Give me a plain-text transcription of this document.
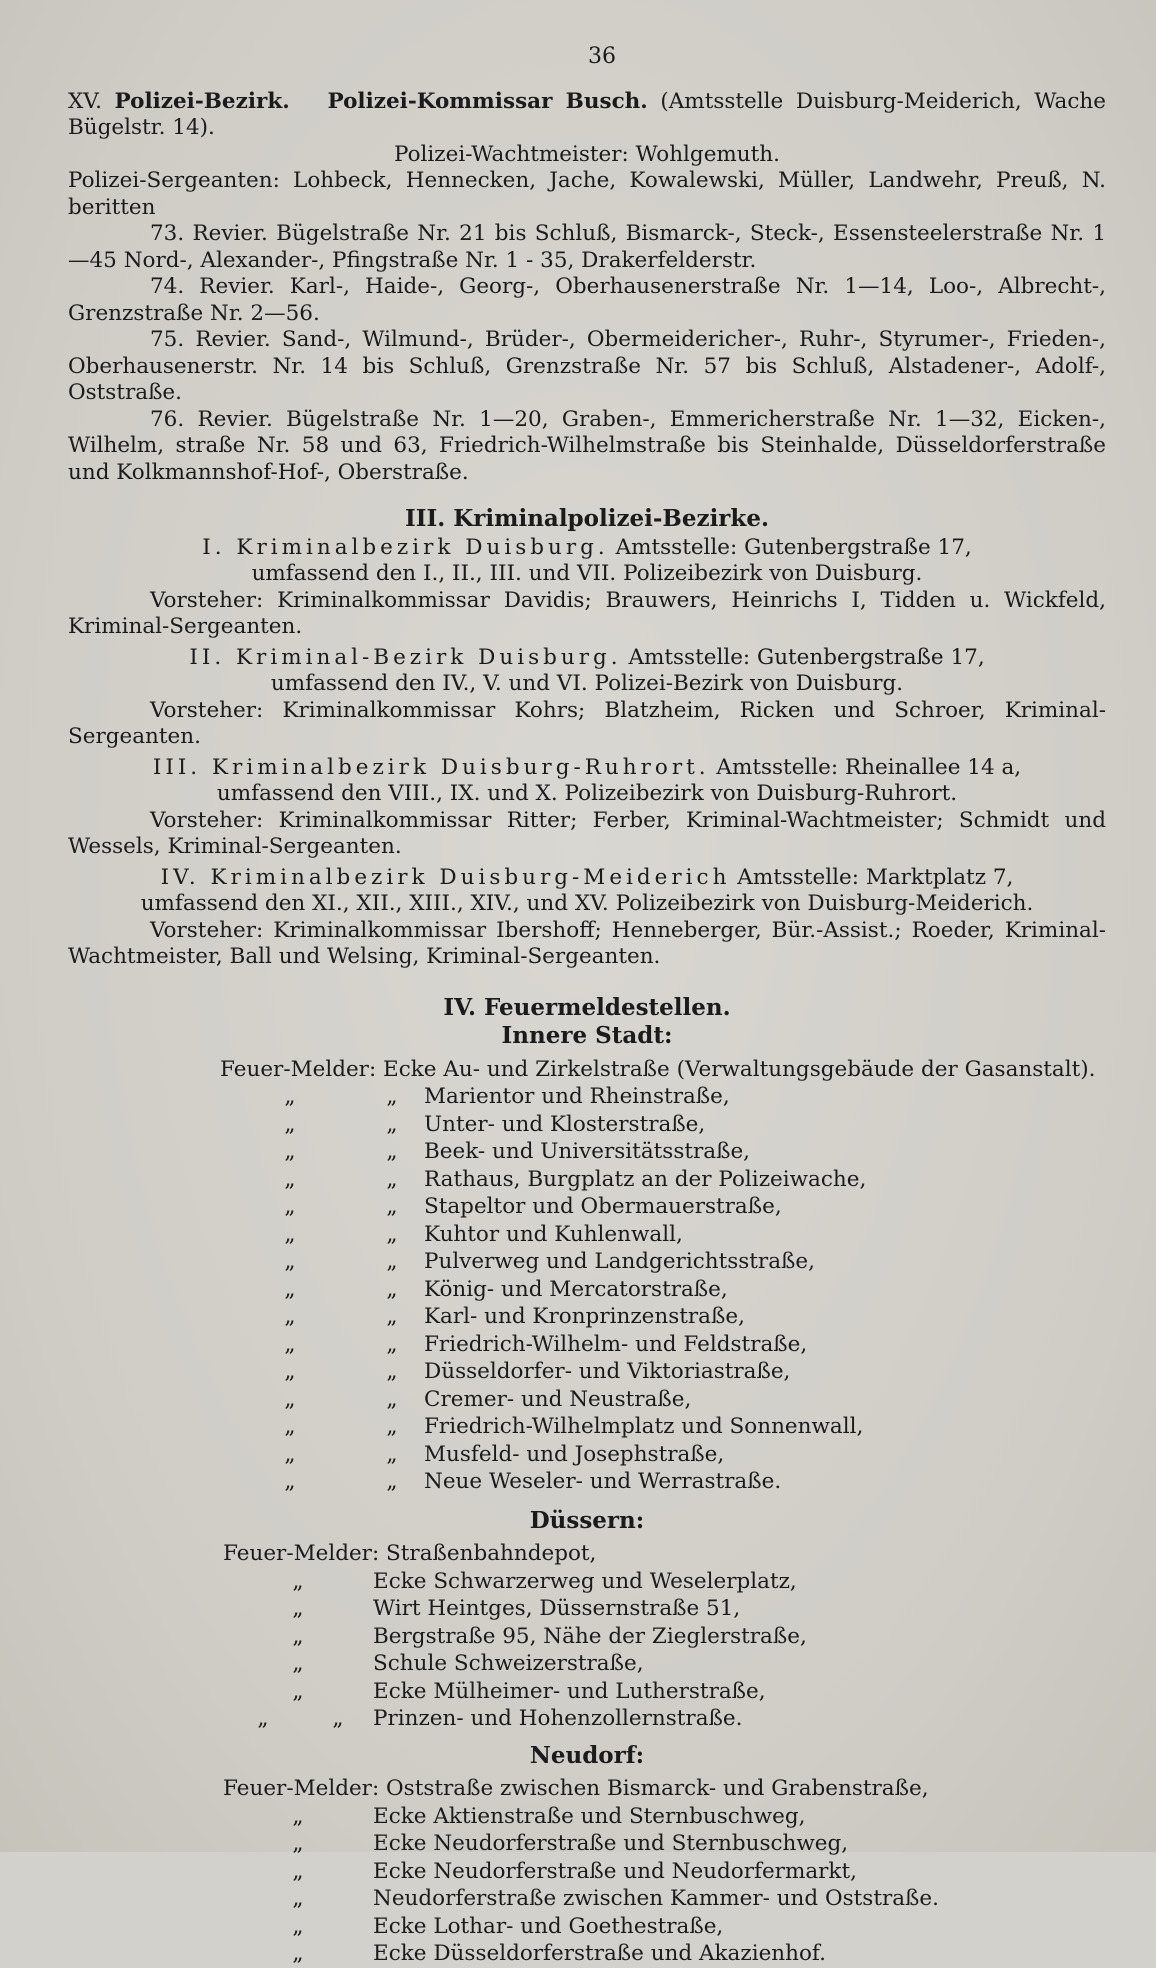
36

XV. Polizei-Bezirk. Polizei-Kommissar Busch. (Amtsstelle Duisburg-Meiderich, Wache Bügelstr. 14).

Polizei-Wachtmeister: Wohlgemuth.

Polizei-Sergeanten: Lohbeck, Hennecken, Jache, Kowalewski, Müller, Landwehr, Preuß, N. beritten

73. Revier. Bügelstraße Nr. 21 bis Schluß, Bismarck-, Steck-, Essensteelerstraße Nr. 1—45 Nord-, Alexander-, Pfingstraße Nr. 1 - 35, Drakerfelderstr.

74. Revier. Karl-, Haide-, Georg-, Oberhausenerstraße Nr. 1—14, Loo-, Albrecht-, Grenzstraße Nr. 2—56.

75. Revier. Sand-, Wilmund-, Brüder-, Obermeidericher-, Ruhr-, Styrumer-, Frieden-, Oberhausenerstr. Nr. 14 bis Schluß, Grenzstraße Nr. 57 bis Schluß, Alstadener-, Adolf-, Oststraße.

76. Revier. Bügelstraße Nr. 1—20, Graben-, Emmericherstraße Nr. 1—32, Eicken-, Wilhelm, straße Nr. 58 und 63, Friedrich-Wilhelmstraße bis Steinhalde, Düsseldorferstraße und Kolkmannshof-Hof-, Oberstraße.

III. Kriminalpolizei-Bezirke.

I. Kriminalbezirk Duisburg. Amtsstelle: Gutenbergstraße 17,

umfassend den I., II., III. und VII. Polizeibezirk von Duisburg.

Vorsteher: Kriminalkommissar Davidis; Brauwers, Heinrichs I, Tidden u. Wickfeld, Kriminal-Sergeanten.

II. Kriminal-Bezirk Duisburg. Amtsstelle: Gutenbergstraße 17,

umfassend den IV., V. und VI. Polizei-Bezirk von Duisburg.

Vorsteher: Kriminalkommissar Kohrs; Blatzheim, Ricken und Schroer, Kriminal-Sergeanten.

III. Kriminalbezirk Duisburg-Ruhrort. Amtsstelle: Rheinallee 14 a,

umfassend den VIII., IX. und X. Polizeibezirk von Duisburg-Ruhrort.

Vorsteher: Kriminalkommissar Ritter; Ferber, Kriminal-Wachtmeister; Schmidt und Wessels, Kriminal-Sergeanten.

IV. Kriminalbezirk Duisburg-Meiderich Amtsstelle: Marktplatz 7,

umfassend den XI., XII., XIII., XIV., und XV. Polizeibezirk von Duisburg-Meiderich.

Vorsteher: Kriminalkommissar Ibershoff; Henneberger, Bür.-Assist.; Roeder, Kriminal-Wachtmeister, Ball und Welsing, Kriminal-Sergeanten.

IV. Feuermeldestellen.
Innere Stadt:
Feuer-Melder:
Ecke
Au- und Zirkelstraße (Verwaltungsgebäude der Gasanstalt).
„	„	Marientor und Rheinstraße,
„	„	Unter- und Klosterstraße,
„	„	Beek- und Universitätsstraße,
„	„	Rathaus, Burgplatz an der Polizeiwache,
„	„	Stapeltor und Obermauerstraße,
„	„	Kuhtor und Kuhlenwall,
„	„	Pulverweg und Landgerichtsstraße,
„	„	König- und Mercatorstraße,
„	„	Karl- und Kronprinzenstraße,
„	„	Friedrich-Wilhelm- und Feldstraße,
„	„	Düsseldorfer- und Viktoriastraße,
„	„	Cremer- und Neustraße,
„	„	Friedrich-Wilhelmplatz und Sonnenwall,
„	„	Musfeld- und Josephstraße,
„	„	Neue Weseler- und Werrastraße.
Düssern:
Feuer-Melder:
Straßenbahndepot,
„	Ecke Schwarzerweg und Weselerplatz,
„	Wirt Heintges, Düssernstraße 51,
„	Bergstraße 95, Nähe der Zieglerstraße,
„	Schule Schweizerstraße,
„	Ecke Mülheimer- und Lutherstraße,
„	„	Prinzen- und Hohenzollernstraße.
Neudorf:
Feuer-Melder:
Oststraße zwischen Bismarck- und Grabenstraße,
„	Ecke Aktienstraße und Sternbuschweg,
„	Ecke Neudorferstraße und Sternbuschweg,
„	Ecke Neudorferstraße und Neudorfermarkt,
„	Neudorferstraße zwischen Kammer- und Oststraße.
„	Ecke Lothar- und Goethestraße,
„	Ecke Düsseldorferstraße und Akazienhof.
